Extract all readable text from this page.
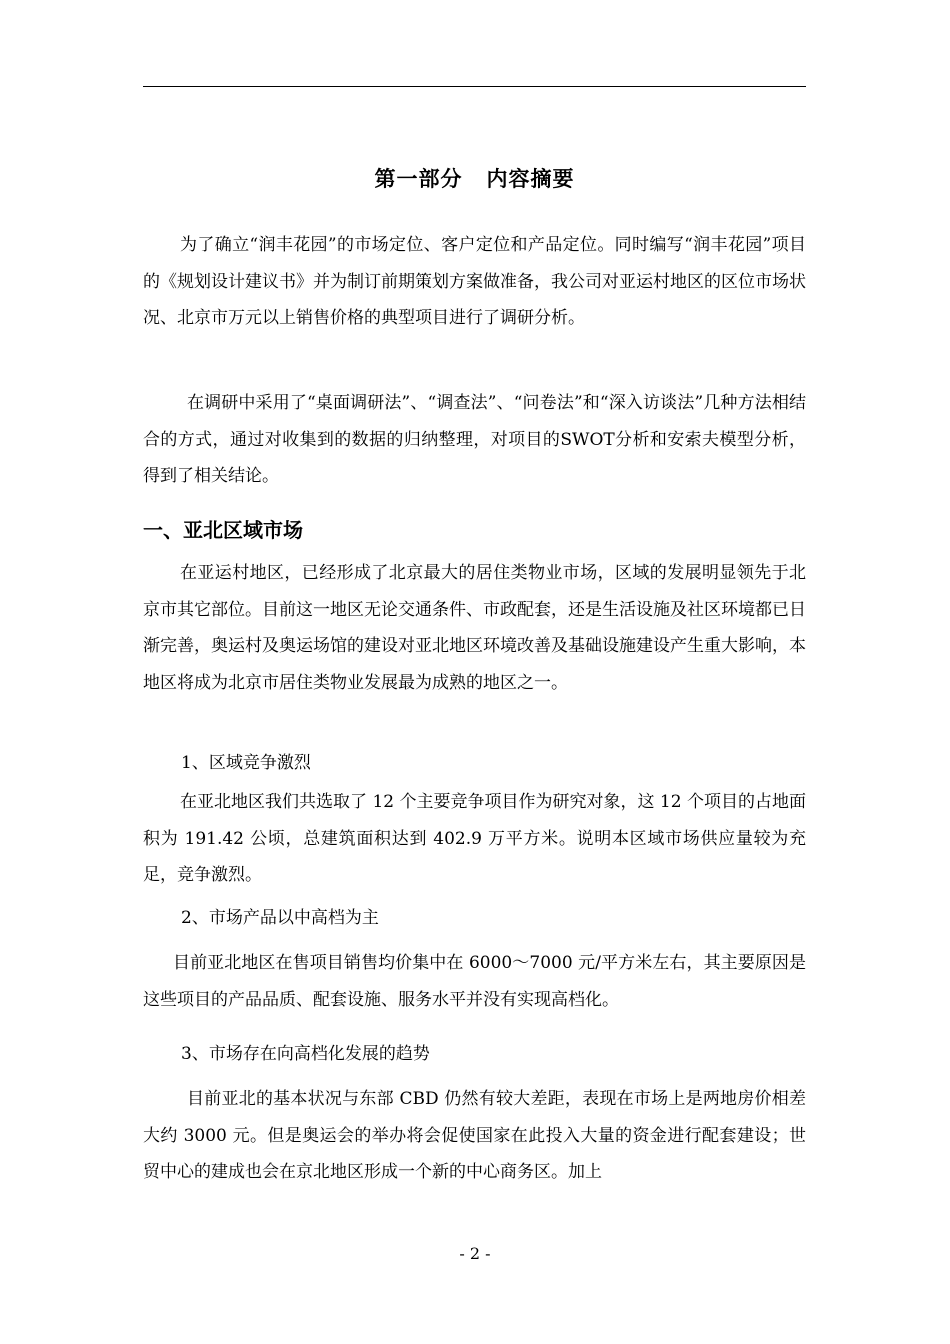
第一部分 内容摘要
为了确立“润丰花园”的市场定位、客户定位和产品定位。同时编写“润丰花园”项目的《规划设计建议书》并为制订前期策划方案做准备，我公司对亚运村地区的区位市场状况、北京市万元以上销售价格的典型项目进行了调研分析。
在调研中采用了“桌面调研法”、“调查法”、“问卷法”和“深入访谈法”几种方法相结合的方式，通过对收集到的数据的归纳整理，对项目的SWOT分析和安索夫模型分析，得到了相关结论。
一、亚北区域市场
在亚运村地区，已经形成了北京最大的居住类物业市场，区域的发展明显领先于北京市其它部位。目前这一地区无论交通条件、市政配套，还是生活设施及社区环境都已日渐完善，奥运村及奥运场馆的建设对亚北地区环境改善及基础设施建设产生重大影响，本地区将成为北京市居住类物业发展最为成熟的地区之一。
1、区域竞争激烈
在亚北地区我们共选取了 12 个主要竞争项目作为研究对象，这 12 个项目的占地面积为 191.42 公顷，总建筑面积达到 402.9 万平方米。说明本区域市场供应量较为充足，竞争激烈。
2、市场产品以中高档为主
目前亚北地区在售项目销售均价集中在 6000～7000 元/平方米左右，其主要原因是这些项目的产品品质、配套设施、服务水平并没有实现高档化。
3、市场存在向高档化发展的趋势
目前亚北的基本状况与东部 CBD 仍然有较大差距，表现在市场上是两地房价相差大约 3000 元。但是奥运会的举办将会促使国家在此投入大量的资金进行配套建设；世贸中心的建成也会在京北地区形成一个新的中心商务区。加上
- 2 -
